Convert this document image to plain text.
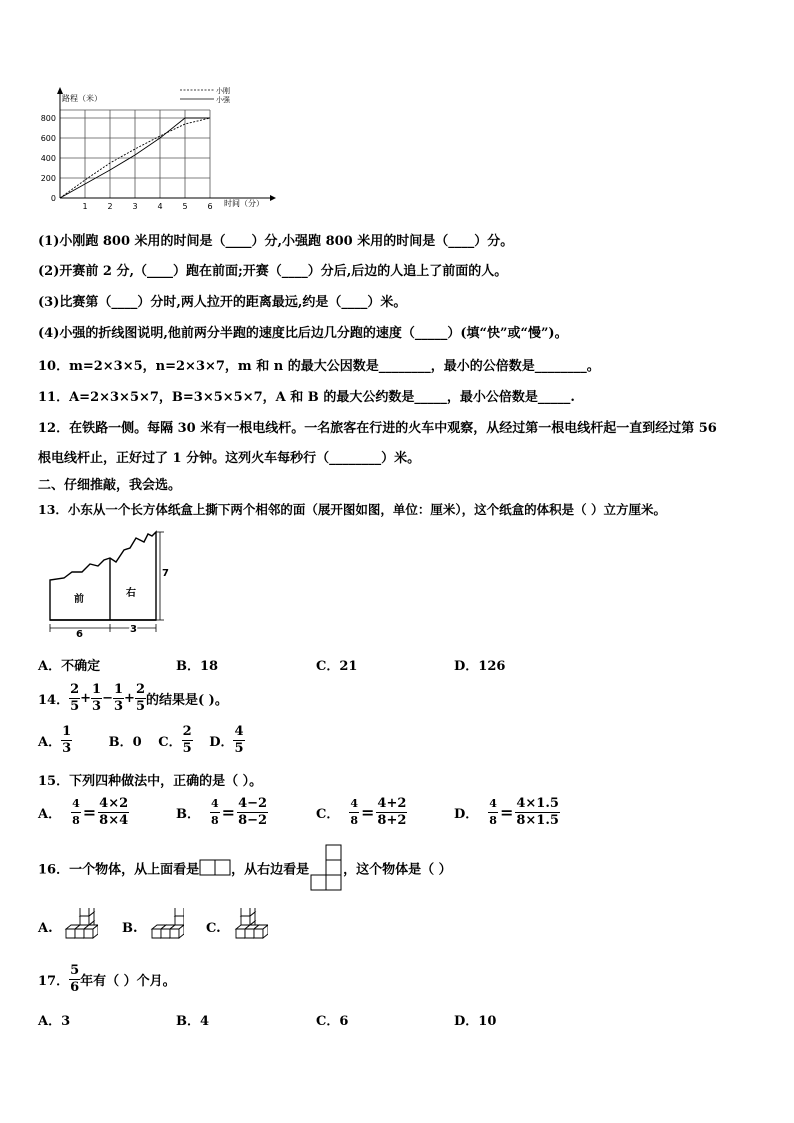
路程（米）
时间（分）
800
600
400
200
0
1 2 3 4 5 6
小刚
小强
(1)小刚跑 800 米用的时间是（____）分,小强跑 800 米用的时间是（____）分。
(2)开赛前 2 分,（____）跑在前面;开赛（____）分后,后边的人追上了前面的人。
(3)比赛第（____）分时,两人拉开的距离最远,约是（____）米。
(4)小强的折线图说明,他前两分半跑的速度比后边几分跑的速度（_____）(填“快”或“慢”)。
10．m=2×3×5，n=2×3×7，m 和 n 的最大公因数是________，最小的公倍数是________。
11．A=2×3×5×7，B=3×5×5×7，A 和 B 的最大公约数是_____，最小公倍数是_____.
12．在铁路一侧。每隔 30 米有一根电线杆。一名旅客在行进的火车中观察，从经过第一根电线杆起一直到经过第 56
根电线杆止，正好过了 1 分钟。这列火车每秒行（________）米。
二、仔细推敲，我会选。
13．小东从一个长方体纸盒上撕下两个相邻的面（展开图如图，单位：厘米），这个纸盒的体积是（ ）立方厘米。
前
右
7
6	3
A．不确定	B．18	C．21	D．126
14． $\frac{2}{5} + \frac{1}{3} - \frac{1}{3} + \frac{2}{5}$ 的结果是( )。
A． $\frac{1}{3}$	B．0 C． $\frac{2}{5}$ D． $\frac{4}{5}$
15．下列四种做法中，正确的是（ ）。
A． $\frac{4}{8} = \frac{4\times 2}{8\times 4}$	B． $\frac{4}{8} = \frac{4-2}{8-2}$	C． $\frac{4}{8} = \frac{4+2}{8+2}$	D． $\frac{4}{8} = \frac{4\times 1.5}{8\times 1.5}$
16．一个物体，从上面看是 ，从右边看是	，这个物体是（ ）
A.	B.	C.
17． $\frac{5}{6}$ 年有（ ）个月。
A．3	B．4	C．6	D．10
